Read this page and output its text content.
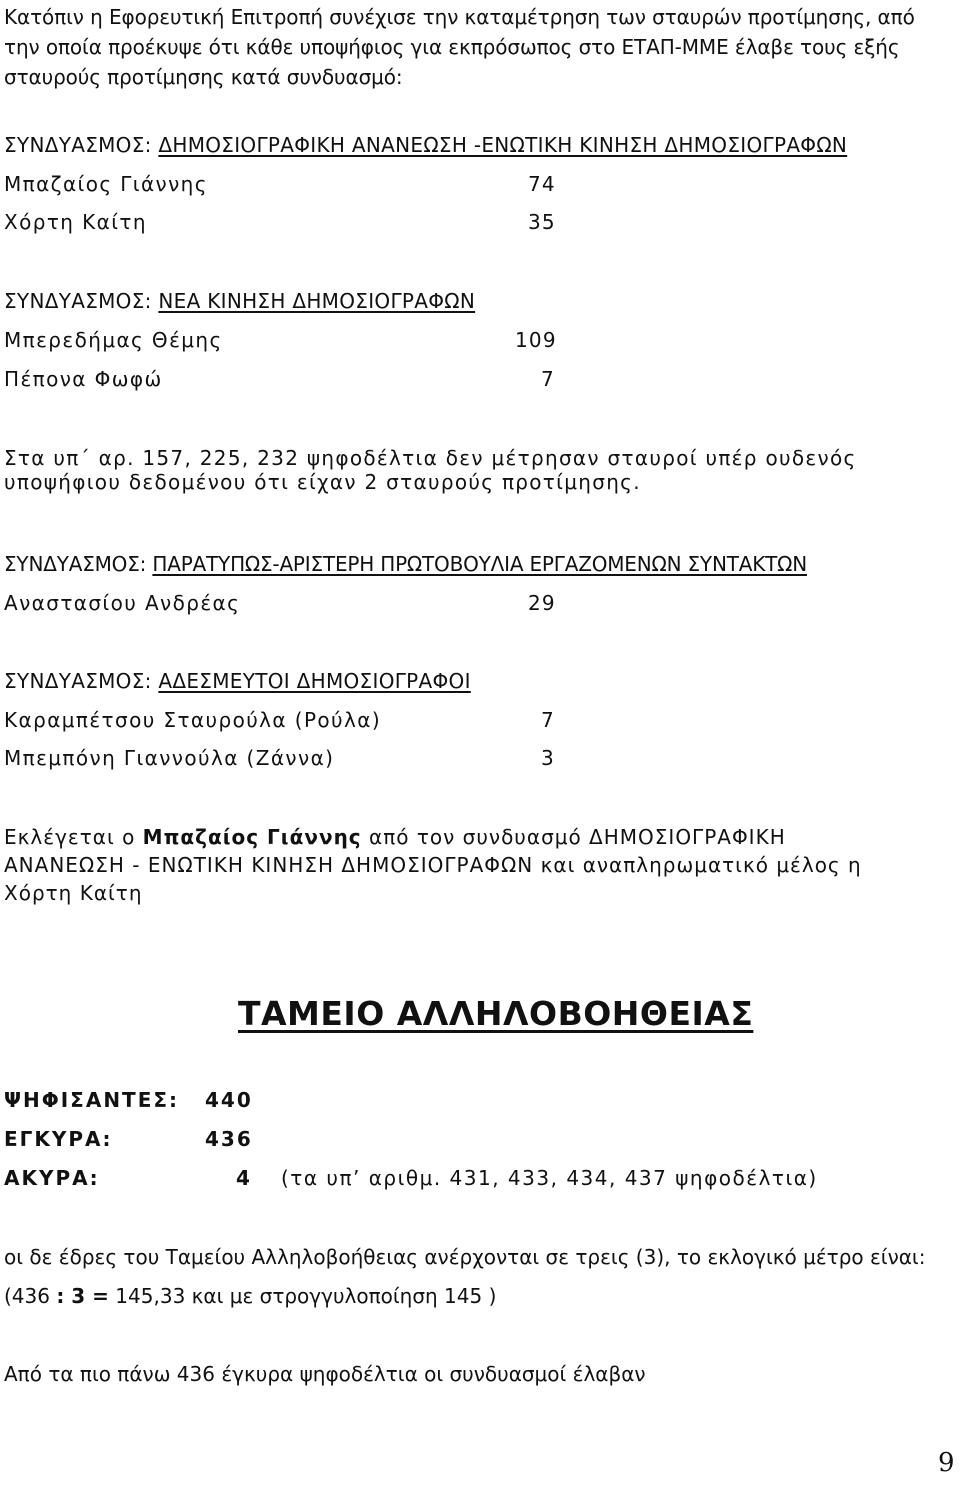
Κατόπιν η Εφορευτική Επιτροπή συνέχισε την καταμέτρηση των σταυρών προτίμησης, από
την οποία προέκυψε ότι κάθε υποψήφιος για εκπρόσωπος στο ΕΤΑΠ-ΜΜΕ έλαβε τους εξής
σταυρούς προτίμησης κατά συνδυασμό:
ΣΥΝΔΥΑΣΜΟΣ: ΔΗΜΟΣΙΟΓΡΑΦΙΚΗ ΑΝΑΝΕΩΣΗ -ΕΝΩΤΙΚΗ ΚΙΝΗΣΗ ΔΗΜΟΣΙΟΓΡΑΦΩΝ
Μπαζαίος Γιάννης	74
Χόρτη Καίτη	35
ΣΥΝΔΥΑΣΜΟΣ: ΝΕΑ ΚΙΝΗΣΗ ΔΗΜΟΣΙΟΓΡΑΦΩΝ
Μπερεδήμας Θέμης	109
Πέπονα Φωφώ	7
Στα υπ΄ αρ. 157, 225, 232 ψηφοδέλτια δεν μέτρησαν σταυροί υπέρ ουδενός
υποψήφιου δεδομένου ότι είχαν 2 σταυρούς προτίμησης.
ΣΥΝΔΥΑΣΜΟΣ: ΠΑΡΑΤΥΠΩΣ-ΑΡΙΣΤΕΡΗ ΠΡΩΤΟΒΟΥΛΙΑ ΕΡΓΑΖΟΜΕΝΩΝ ΣΥΝΤΑΚΤΩΝ
Αναστασίου Ανδρέας	29
ΣΥΝΔΥΑΣΜΟΣ: ΑΔΕΣΜΕΥΤΟΙ ΔΗΜΟΣΙΟΓΡΑΦΟΙ
Καραμπέτσου Σταυρούλα (Ρούλα)	7
Μπεμπόνη Γιαννούλα (Ζάννα)	3
Εκλέγεται ο Μπαζαίος Γιάννης από τον συνδυασμό ΔΗΜΟΣΙΟΓΡΑΦΙΚΗ
ΑΝΑΝΕΩΣΗ - ΕΝΩΤΙΚΗ ΚΙΝΗΣΗ ΔΗΜΟΣΙΟΓΡΑΦΩΝ και αναπληρωματικό μέλος η
Χόρτη Καίτη
ΤΑΜΕΙΟ ΑΛΛΗΛΟΒΟΗΘΕΙΑΣ
ΨΗΦΙΣΑΝΤΕΣ: 440
ΕΓΚΥΡΑ:	436
ΑΚΥΡΑ:	4 (τα υπ’ αριθμ. 431, 433, 434, 437 ψηφοδέλτια)
οι δε έδρες του Ταμείου Αλληλοβοήθειας ανέρχονται σε τρεις (3), το εκλογικό μέτρο είναι:
(436 : 3 = 145,33 και με στρογγυλοποίηση 145 )
Από τα πιο πάνω 436 έγκυρα ψηφοδέλτια οι συνδυασμοί έλαβαν
9
